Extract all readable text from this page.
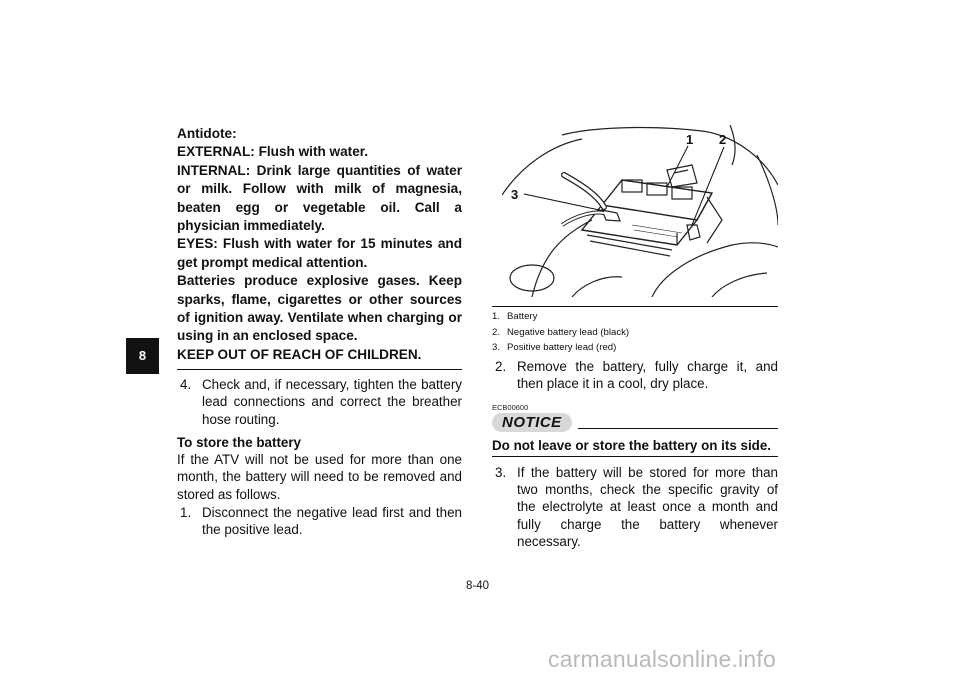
8

Antidote:

EXTERNAL: Flush with water.

INTERNAL: Drink large quantities of water or milk. Follow with milk of magnesia, beaten egg or vegetable oil. Call a physician immediately.

EYES: Flush with water for 15 minutes and get prompt medical attention.

Batteries produce explosive gases. Keep sparks, flame, cigarettes or other sources of ignition away. Ventilate when charging or using in an enclosed space.

KEEP OUT OF REACH OF CHILDREN.

4. Check and, if necessary, tighten the battery lead connections and correct the breather hose routing.
To store the battery

If the ATV will not be used for more than one month, the battery will need to be removed and stored as follows.

1. Disconnect the negative lead first and then the positive lead.
1 2
3
1. Battery
2. Negative battery lead (black)
3. Positive battery lead (red)
2. Remove the battery, fully charge it, and then place it in a cool, dry place.
ECB00600
NOTICE
Do not leave or store the battery on its side.
3. If the battery will be stored for more than two months, check the specific gravity of the electrolyte at least once a month and fully charge the battery whenever necessary.
8-40
carmanualsonline.info
